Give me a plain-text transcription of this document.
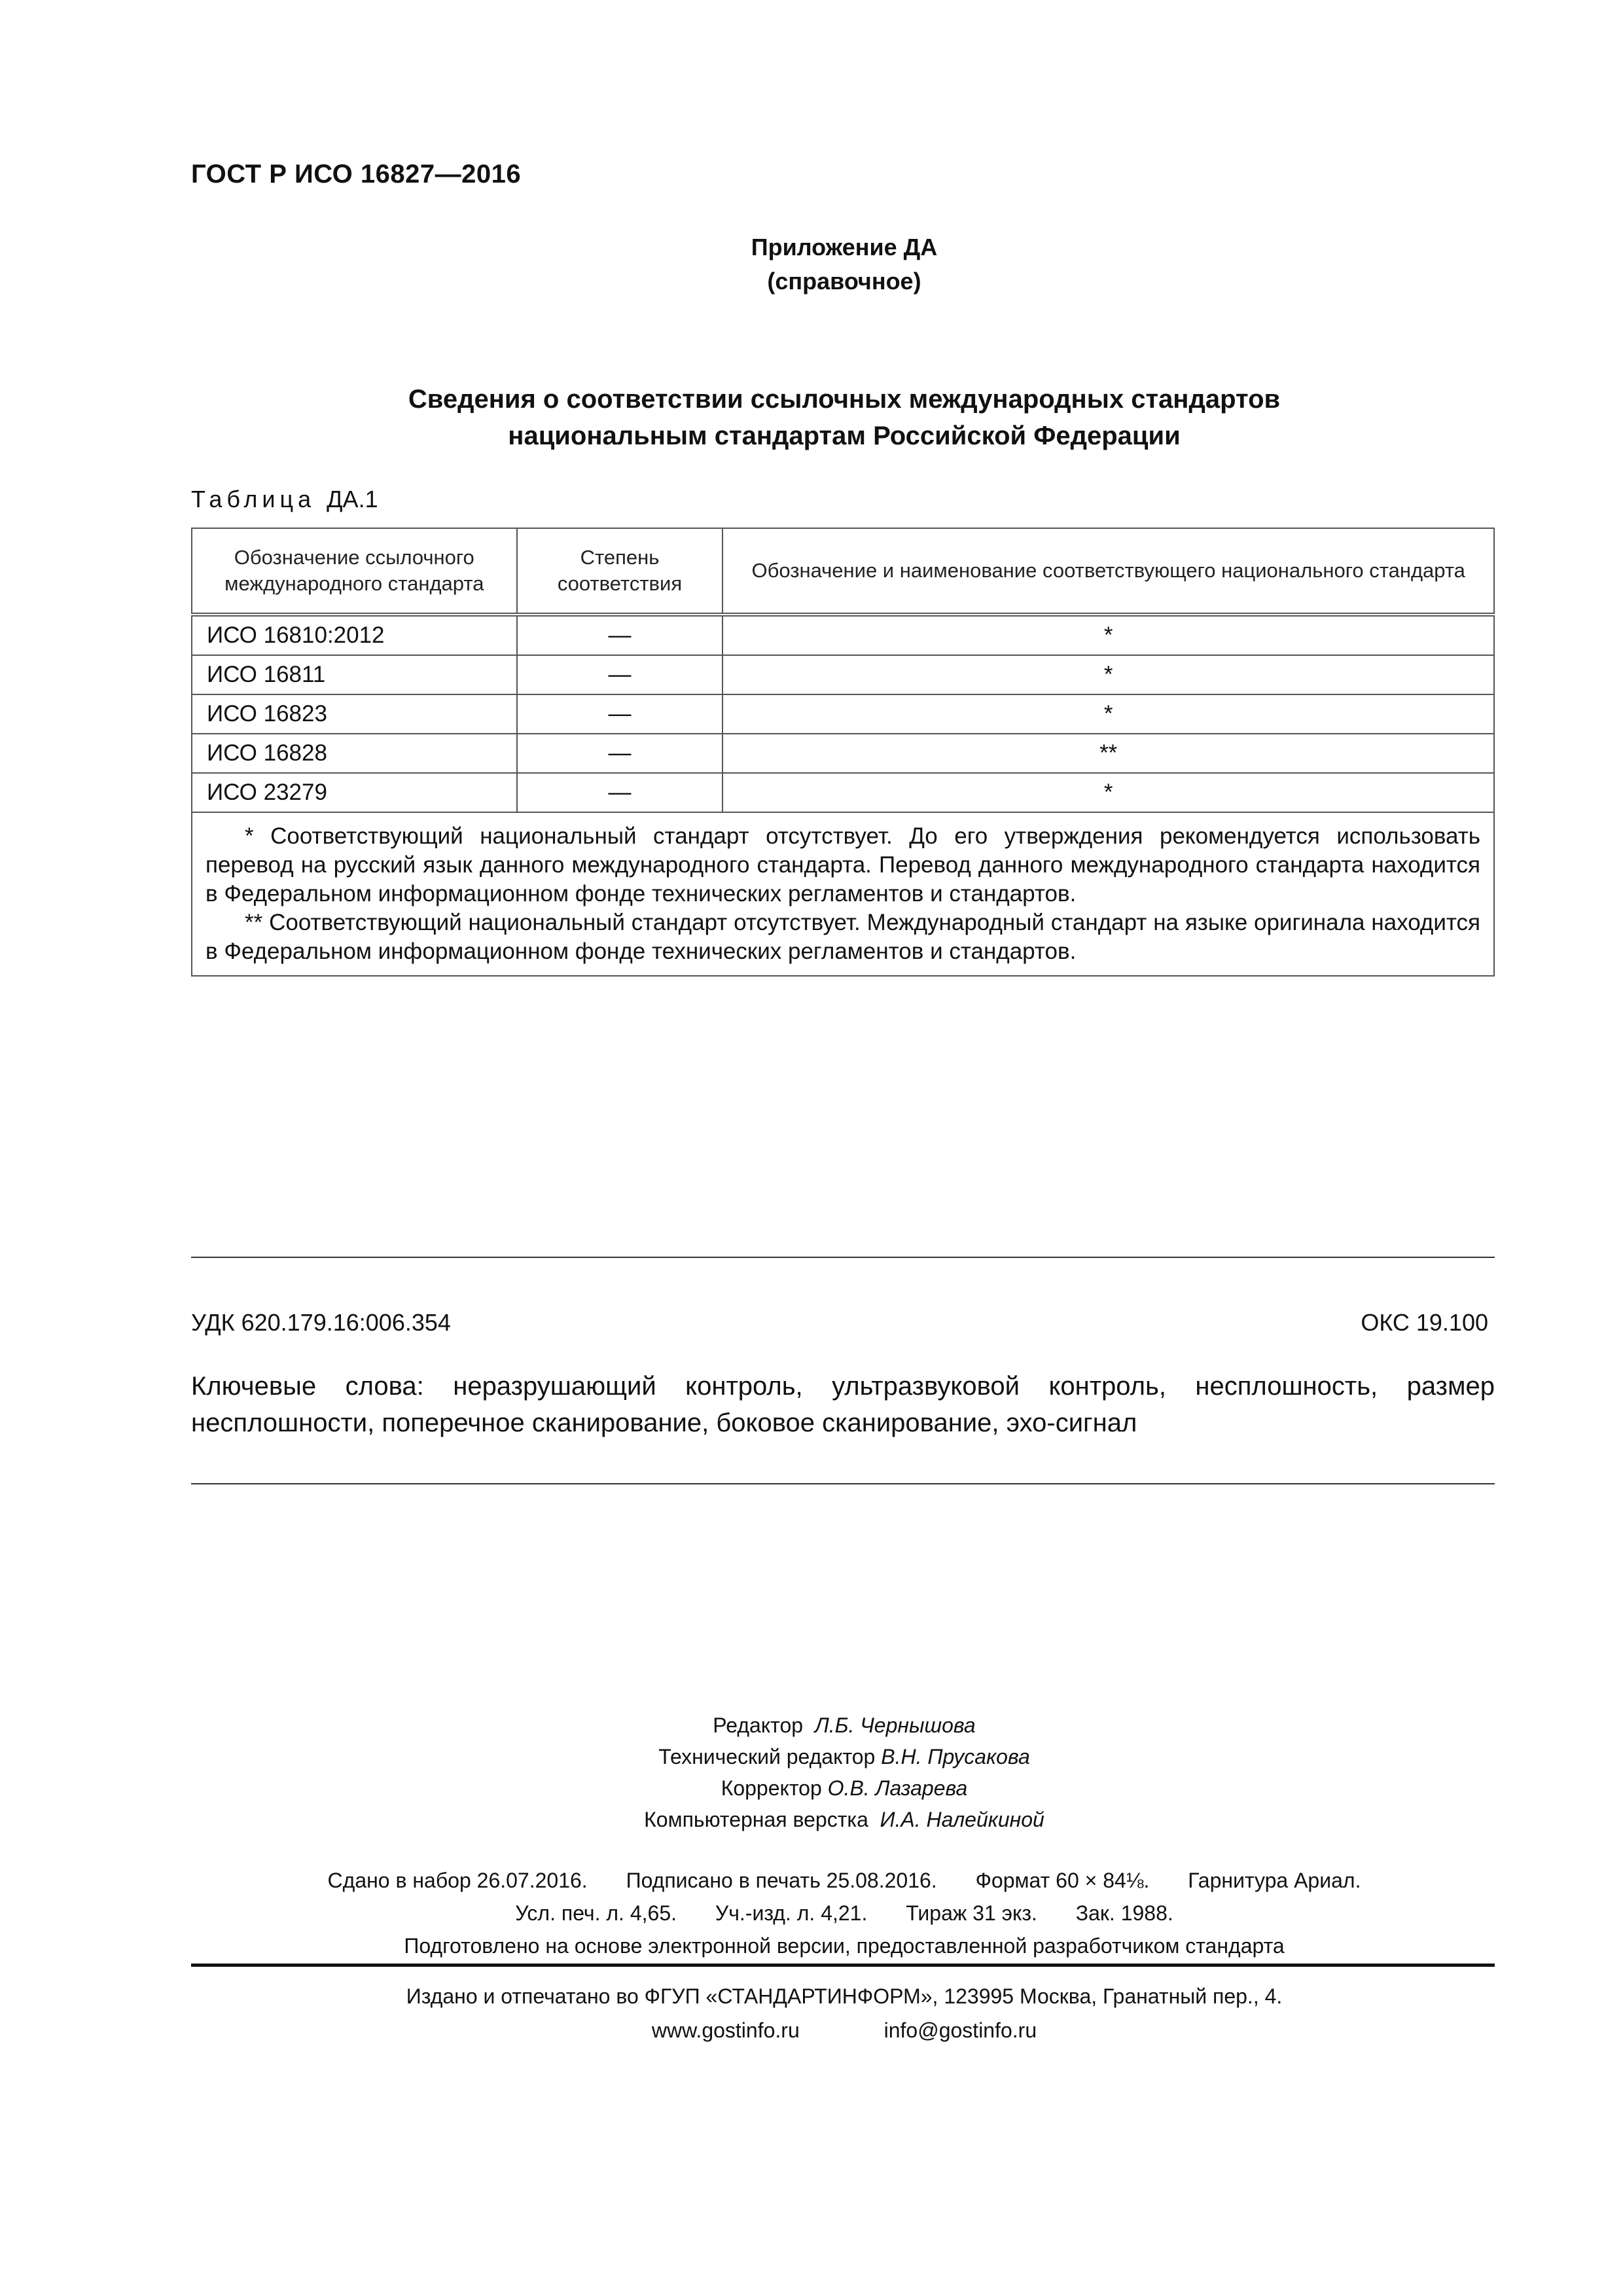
ГОСТ Р ИСО 16827—2016
Приложение ДА
(справочное)
Сведения о соответствии ссылочных международных стандартов
национальным стандартам Российской Федерации
Таблица ДА.1
Обозначение ссылочного международного стандарта	Степень соответствия	Обозначение и наименование соответствующего национального стандарта
ИСО 16810:2012	—	*
ИСО 16811	—	*
ИСО 16823	—	*
ИСО 16828	—	**
ИСО 23279	—	*

* Соответствующий национальный стандарт отсутствует. До его утверждения рекомендуется использовать перевод на русский язык данного международного стандарта. Перевод данного международного стандарта находится в Федеральном информационном фонде технических регламентов и стандартов.

** Соответствующий национальный стандарт отсутствует. Международный стандарт на языке оригинала находится в Федеральном информационном фонде технических регламентов и стандартов.		

УДК 620.179.16:006.354	ОКС 19.100
Ключевые слова: неразрушающий контроль, ультразвуковой контроль, несплошность, размер несплошности, поперечное сканирование, боковое сканирование, эхо-сигнал
Редактор Л.Б. Чернышова
Технический редактор В.Н. Прусакова
Корректор О.В. Лазарева
Компьютерная верстка И.А. Налейкиной
Сдано в набор 26.07.2016. Подписано в печать 25.08.2016. Формат 60 × 84⅛. Гарнитура Ариал.
Усл. печ. л. 4,65. Уч.-изд. л. 4,21. Тираж 31 экз. Зак. 1988.
Подготовлено на основе электронной версии, предоставленной разработчиком стандарта
Издано и отпечатано во ФГУП «СТАНДАРТИНФОРМ», 123995 Москва, Гранатный пер., 4.
www.gostinfo.ru	info@gostinfo.ru
